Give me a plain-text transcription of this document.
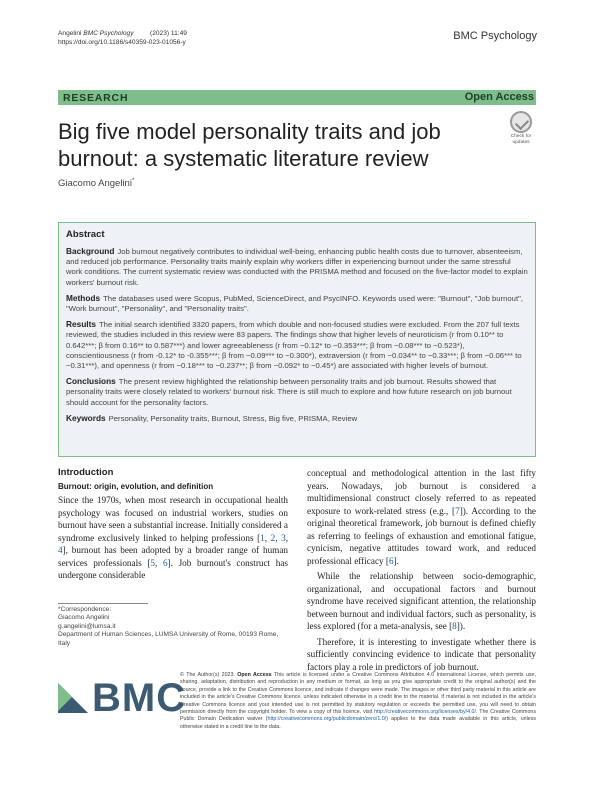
Angelini BMC Psychology         (2023) 11:49
https://doi.org/10.1186/s40359-023-01056-y
BMC Psychology
RESEARCH	Open Access
Big five model personality traits and job burnout: a systematic literature review
Giacomo Angelini*
Check for updates
Abstract

Background Job burnout negatively contributes to individual well-being, enhancing public health costs due to turnover, absenteeism, and reduced job performance. Personality traits mainly explain why workers differ in experiencing burnout under the same stressful work conditions. The current systematic review was conducted with the PRISMA method and focused on the five-factor model to explain workers' burnout risk.

Methods The databases used were Scopus, PubMed, ScienceDirect, and PsycINFO. Keywords used were: "Burnout", "Job burnout", "Work burnout", "Personality", and "Personality traits".

Results The initial search identified 3320 papers, from which double and non-focused studies were excluded. From the 207 full texts reviewed, the studies included in this review were 83 papers. The findings show that higher levels of neuroticism (r from 0.10** to 0.642***; β from 0.16** to 0.587***) and lower agreeableness (r from −0.12* to −0.353***; β from −0.08*** to −0.523*), conscientiousness (r from -0.12* to -0.355***; β from −0.09*** to −0.300*), extraversion (r from −0.034** to −0.33***; β from −0.06*** to −0.31***), and openness (r from −0.18*** to −0.237**; β from −0.092* to −0.45*) are associated with higher levels of burnout.

Conclusions The present review highlighted the relationship between personality traits and job burnout. Results showed that personality traits were closely related to workers' burnout risk. There is still much to explore and how future research on job burnout should account for the personality factors.

Keywords Personality, Personality traits, Burnout, Stress, Big five, PRISMA, Review

Introduction
Burnout: origin, evolution, and definition

Since the 1970s, when most research in occupational health psychology was focused on industrial workers, studies on burnout have seen a substantial increase. Initially considered a syndrome exclusively linked to helping professions [1, 2, 3, 4], burnout has been adopted by a broader range of human services professionals [5, 6]. Job burnout's construct has undergone considerable

conceptual and methodological attention in the last fifty years. Nowadays, job burnout is considered a multidimensional construct closely referred to as repeated exposure to work-related stress (e.g., [7]). According to the original theoretical framework, job burnout is defined chiefly as referring to feelings of exhaustion and emotional fatigue, cynicism, negative attitudes toward work, and reduced professional efficacy [6].

While the relationship between socio-demographic, organizational, and occupational factors and burnout syndrome have received significant attention, the relationship between burnout and individual factors, such as personality, is less explored (for a meta-analysis, see [8]).

Therefore, it is interesting to investigate whether there is sufficiently convincing evidence to indicate that personality factors play a role in predictors of job burnout.

*Correspondence:
Giacomo Angelini
g.angelini@lumsa.it
Department of Human Sciences, LUMSA University of Rome, 00193 Rome, Italy
BMC
© The Author(s) 2023. Open Access This article is licensed under a Creative Commons Attribution 4.0 International License, which permits use, sharing, adaptation, distribution and reproduction in any medium or format, as long as you give appropriate credit to the original author(s) and the source, provide a link to the Creative Commons licence, and indicate if changes were made. The images or other third party material in this article are included in the article's Creative Commons licence, unless indicated otherwise in a credit line to the material. If material is not included in the article's Creative Commons licence and your intended use is not permitted by statutory regulation or exceeds the permitted use, you will need to obtain permission directly from the copyright holder. To view a copy of this licence, visit http://creativecommons.org/licenses/by/4.0/. The Creative Commons Public Domain Dedication waiver (http://creativecommons.org/publicdomain/zero/1.0/) applies to the data made available in this article, unless otherwise stated in a credit line to the data.
